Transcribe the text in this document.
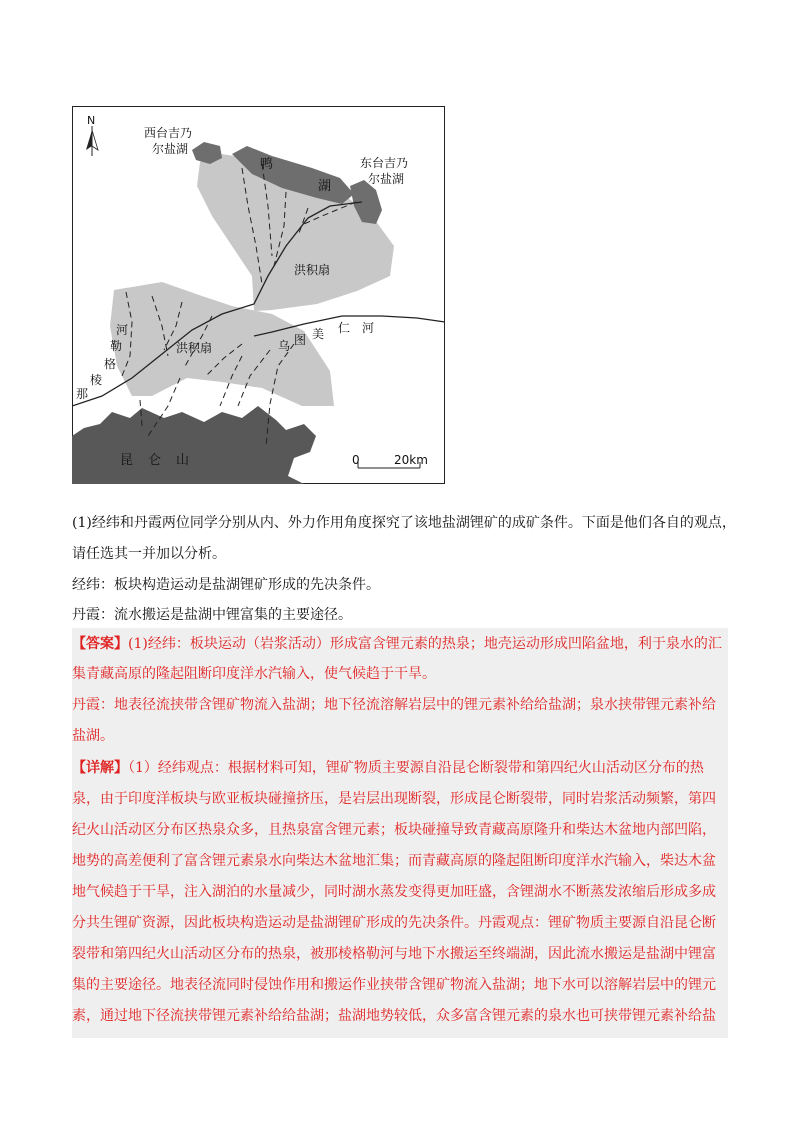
N
0	20km
西台吉乃
尔盐湖
东台吉乃
尔盐湖
鸭
湖
洪积扇
洪积扇	乌 图 美 仁 河
那
棱
格
勒
河
昆 仑 山
(1)经纬和丹霞两位同学分别从内、外力作用角度探究了该地盐湖锂矿的成矿条件。下面是他们各自的观点，
请任选其一并加以分析。
经纬：板块构造运动是盐湖锂矿形成的先决条件。
丹霞：流水搬运是盐湖中锂富集的主要途径。

【答案】(1)经纬：板块运动（岩浆活动）形成富含锂元素的热泉；地壳运动形成凹陷盆地，利于泉水的汇

集青藏高原的隆起阻断印度洋水汽输入，使气候趋于干旱。

丹霞：地表径流挟带含锂矿物流入盐湖；地下径流溶解岩层中的锂元素补给给盐湖；泉水挟带锂元素补给

盐湖。

【详解】（1）经纬观点：根据材料可知，锂矿物质主要源自沿昆仑断裂带和第四纪火山活动区分布的热

泉，由于印度洋板块与欧亚板块碰撞挤压，是岩层出现断裂，形成昆仑断裂带，同时岩浆活动频繁，第四

纪火山活动区分布区热泉众多，且热泉富含锂元素；板块碰撞导致青藏高原隆升和柴达木盆地内部凹陷，

地势的高差便利了富含锂元素泉水向柴达木盆地汇集；而青藏高原的隆起阻断印度洋水汽输入，柴达木盆

地气候趋于干旱，注入湖泊的水量减少，同时湖水蒸发变得更加旺盛，含锂湖水不断蒸发浓缩后形成多成

分共生锂矿资源，因此板块构造运动是盐湖锂矿形成的先决条件。丹霞观点：锂矿物质主要源自沿昆仑断

裂带和第四纪火山活动区分布的热泉，被那棱格勒河与地下水搬运至终端湖，因此流水搬运是盐湖中锂富

集的主要途径。地表径流同时侵蚀作用和搬运作业挟带含锂矿物流入盐湖；地下水可以溶解岩层中的锂元

素，通过地下径流挟带锂元素补给给盐湖；盐湖地势较低，众多富含锂元素的泉水也可挟带锂元素补给盐
